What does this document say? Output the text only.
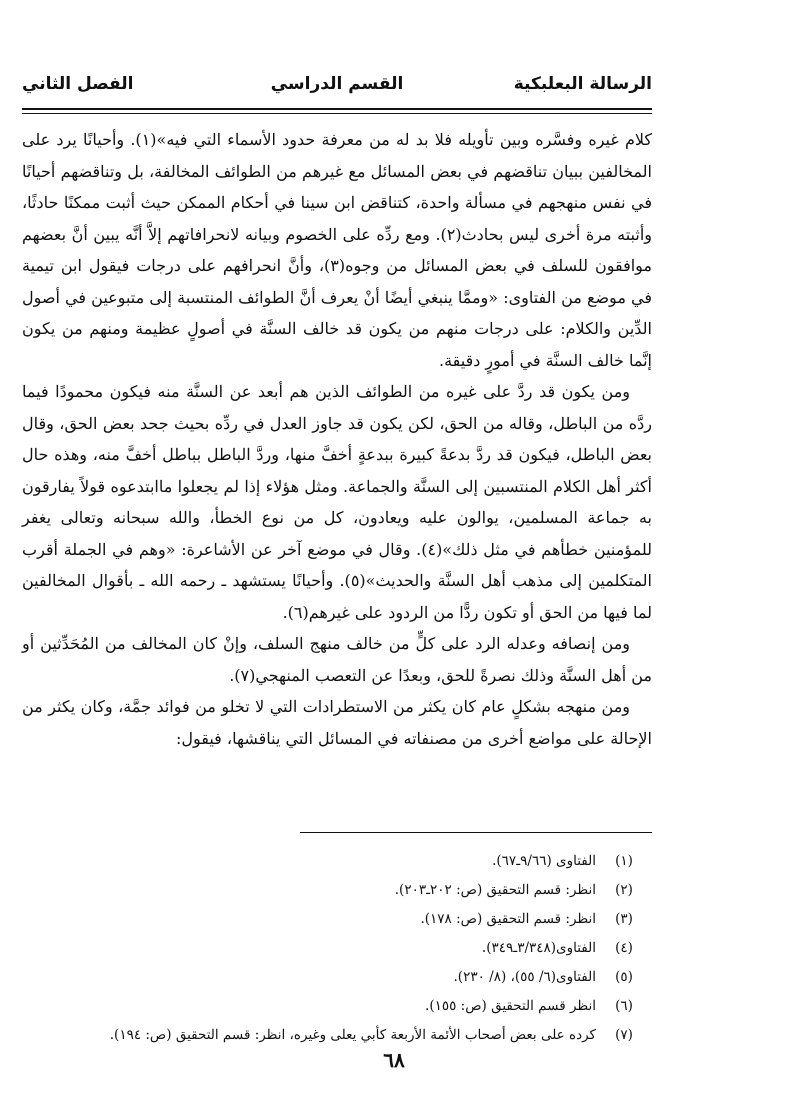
الرسالة البعلبكية
القسم الدراسي
الفصل الثاني

كلام غيره وفسَّره وبين تأويله فلا بد له من معرفة حدود الأسماء التي فيه»(١). وأحيانًا يرد على المخالفين ببيان تناقضهم في بعض المسائل مع غيرهم من الطوائف المخالفة، بل وتناقضهم أحيانًا في نفس منهجهم في مسألة واحدة، كتناقض ابن سينا في أحكام الممكن حيث أثبت ممكنًا حادثًا، وأثبته مرة أخرى ليس بحادث(٢). ومع ردِّه على الخصوم وبيانه لانحرافاتهم إلاَّ أنَّه يبين أنَّ بعضهم موافقون للسلف في بعض المسائل من وجوه(٣)، وأنَّ انحرافهم على درجات فيقول ابن تيمية في موضع من الفتاوى: «وممَّا ينبغي أيضًا أنْ يعرف أنَّ الطوائف المنتسبة إلى متبوعين في أصول الدِّين والكلام: على درجات منهم من يكون قد خالف السنَّة في أصولٍ عظيمة ومنهم من يكون إنَّما خالف السنَّة في أمورٍ دقيقة.

ومن يكون قد ردَّ على غيره من الطوائف الذين هم أبعد عن السنَّة منه فيكون محمودًا فيما ردَّه من الباطل، وقاله من الحق، لكن يكون قد جاوز العدل في ردِّه بحيث جحد بعض الحق، وقال بعض الباطل، فيكون قد ردَّ بدعةً كبيرة ببدعةٍ أخفَّ منها، وردَّ الباطل بباطل أخفَّ منه، وهذه حال أكثر أهل الكلام المنتسبين إلى السنَّة والجماعة. ومثل هؤلاء إذا لم يجعلوا ماابتدعوه قولاً يفارقون به جماعة المسلمين، يوالون عليه ويعادون، كل من نوع الخطأ، والله سبحانه وتعالى يغفر للمؤمنين خطأهم في مثل ذلك»(٤). وقال في موضع آخر عن الأشاعرة: «وهم في الجملة أقرب المتكلمين إلى مذهب أهل السنَّة والحديث»(٥). وأحيانًا يستشهد ـ رحمه الله ـ بأقوال المخالفين لما فيها من الحق أو تكون ردًّا من الردود على غيرهم(٦).

ومن إنصافه وعدله الرد على كلٍّ من خالف منهج السلف، وإنْ كان المخالف من المُحَدِّثين أو من أهل السنَّة وذلك نصرةً للحق، وبعدًا عن التعصب المنهجي(٧).

ومن منهجه بشكلٍ عام كان يكثر من الاستطرادات التي لا تخلو من فوائد جمَّة، وكان يكثر من الإحالة على مواضع أخرى من مصنفاته في المسائل التي يناقشها، فيقول:

(١)
الفتاوى (٩/٦٦ـ٦٧).
(٢)
انظر: قسم التحقيق (ص: ٢٠٢ـ٢٠٣).
(٣)
انظر: قسم التحقيق (ص: ١٧٨).
(٤)
الفتاوى(٣/٣٤٨ـ٣٤٩).
(٥)
الفتاوى(٦/ ٥٥)، (٨/ ٢٣٠).
(٦)
انظر قسم التحقيق (ص: ١٥٥).
(٧)
كرده على بعض أصحاب الأئمة الأربعة كأبي يعلى وغيره، انظر: قسم التحقيق (ص: ١٩٤).
٦٨
